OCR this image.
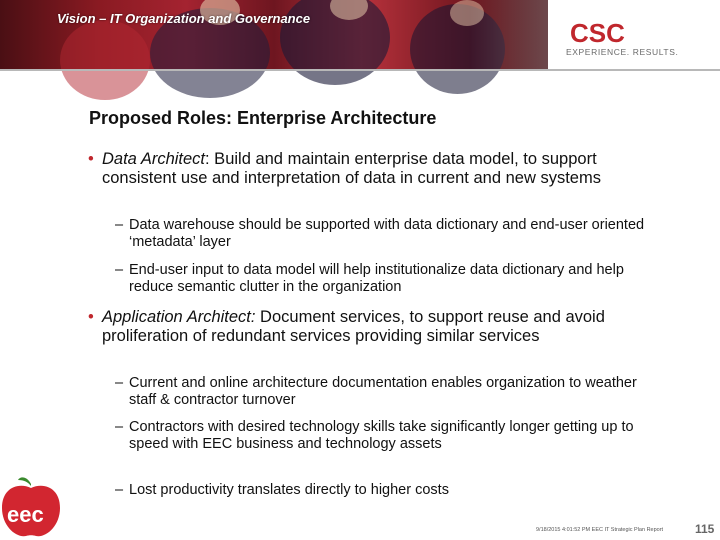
Vision – IT Organization and Governance	CSC
EXPERIENCE. RESULTS.
Proposed Roles: Enterprise Architecture
• Data Architect: Build and maintain enterprise data model, to support consistent use and interpretation of data in current and new systems
– Data warehouse should be supported with data dictionary and end-user oriented ‘metadata’ layer
– End-user input to data model will help institutionalize data dictionary and help reduce semantic clutter in the organization
• Application Architect: Document services, to support reuse and avoid proliferation of redundant services providing similar services
– Current and online architecture documentation enables organization to weather staff & contractor turnover
– Contractors with desired technology skills take significantly longer getting up to speed with EEC business and technology assets
– Lost productivity translates directly to higher costs
eec
9/18/2015 4:01:52 PM EEC IT Strategic Plan Report	115
